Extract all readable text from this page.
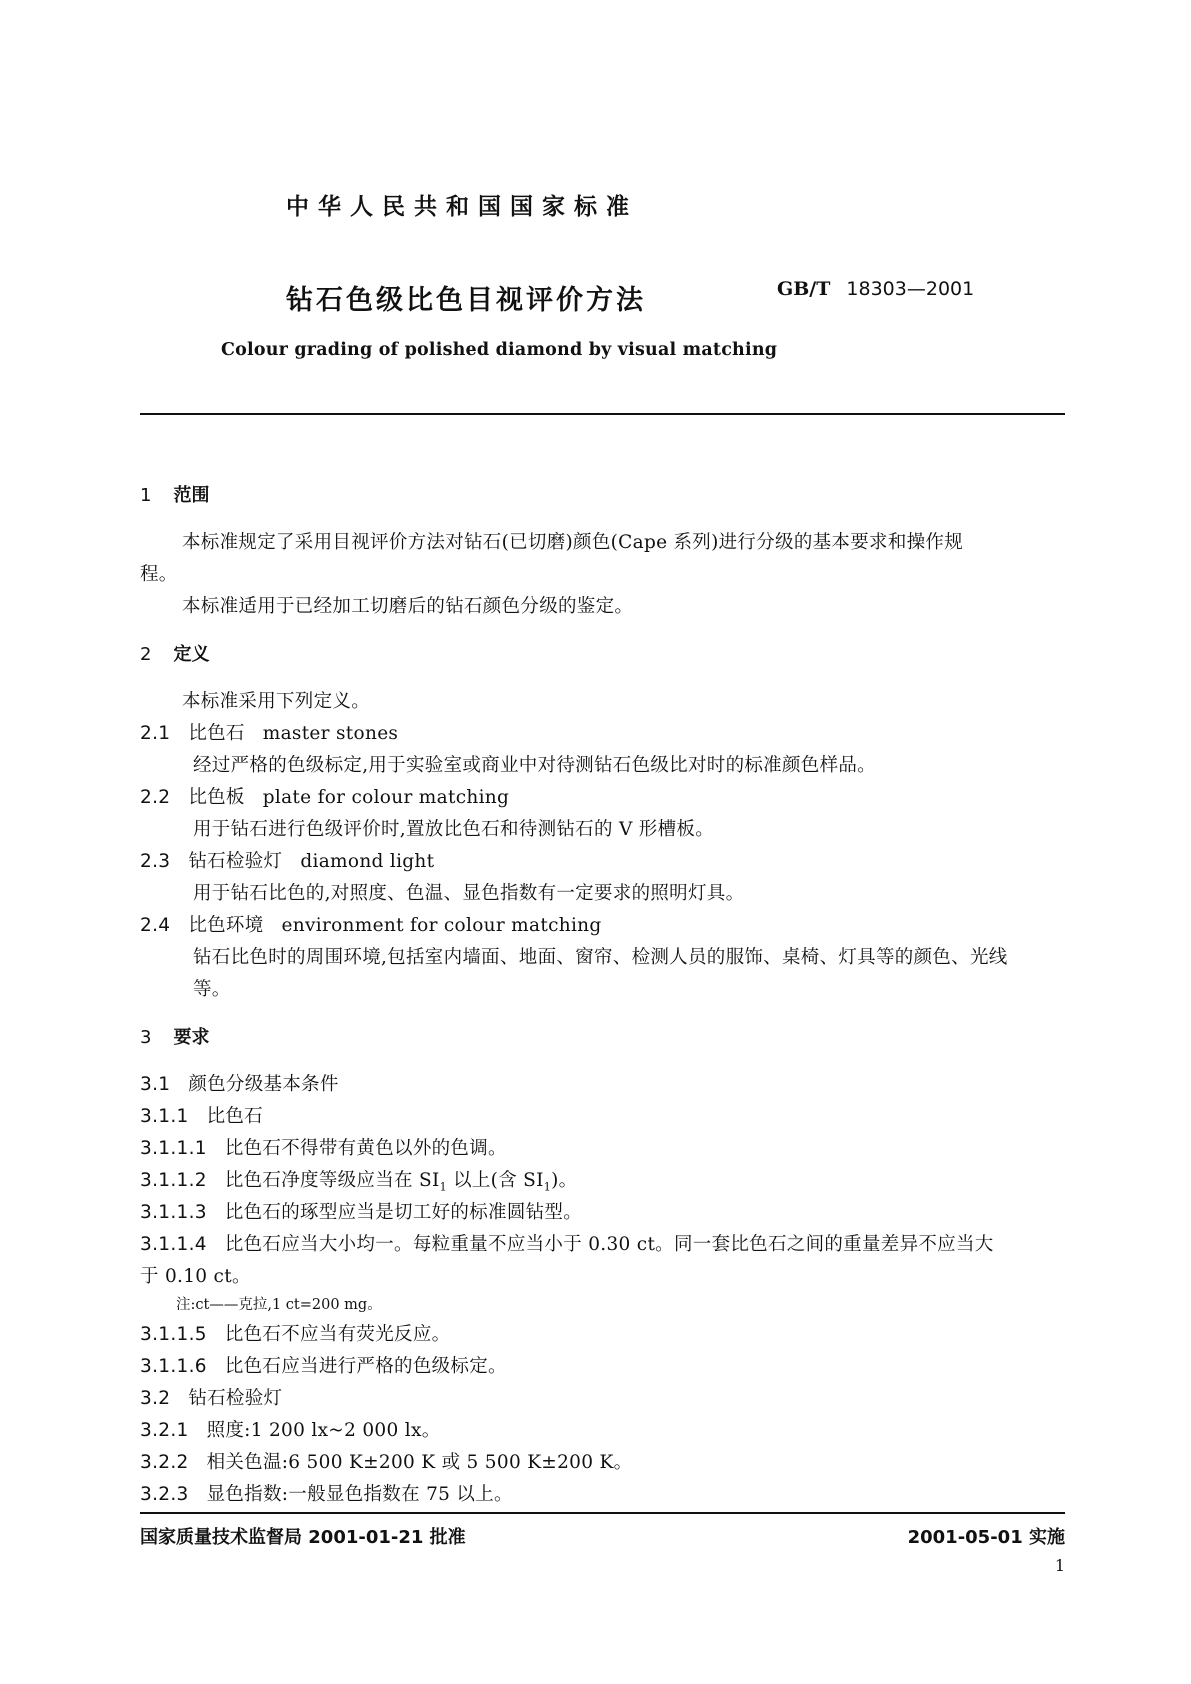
中华人民共和国国家标准
钻石色级比色目视评价方法	GB/T 18303—2001
Colour grading of polished diamond by visual matching
1 范围
本标准规定了采用目视评价方法对钻石(已切磨)颜色(Cape 系列)进行分级的基本要求和操作规
程。
本标准适用于已经加工切磨后的钻石颜色分级的鉴定。
2 定义
本标准采用下列定义。
2.1 比色石 master stones
经过严格的色级标定,用于实验室或商业中对待测钻石色级比对时的标准颜色样品。
2.2 比色板 plate for colour matching
用于钻石进行色级评价时,置放比色石和待测钻石的 V 形槽板。
2.3 钻石检验灯 diamond light
用于钻石比色的,对照度、色温、显色指数有一定要求的照明灯具。
2.4 比色环境 environment for colour matching
钻石比色时的周围环境,包括室内墙面、地面、窗帘、检测人员的服饰、桌椅、灯具等的颜色、光线
等。
3 要求
3.1 颜色分级基本条件
3.1.1 比色石
3.1.1.1 比色石不得带有黄色以外的色调。
3.1.1.2 比色石净度等级应当在 $SI_1$ 以上(含 $SI_1$)。
3.1.1.3 比色石的琢型应当是切工好的标准圆钻型。
3.1.1.4 比色石应当大小均一。每粒重量不应当小于 0.30 ct。同一套比色石之间的重量差异不应当大
于 0.10 ct。
注:ct——克拉,1 ct=200 mg。
3.1.1.5 比色石不应当有荧光反应。
3.1.1.6 比色石应当进行严格的色级标定。
3.2 钻石检验灯
3.2.1 照度:1 200 lx~2 000 lx。
3.2.2 相关色温:6 500 K±200 K 或 5 500 K±200 K。
3.2.3 显色指数:一般显色指数在 75 以上。
国家质量技术监督局 2001-01-21 批准	2001-05-01 实施
1
